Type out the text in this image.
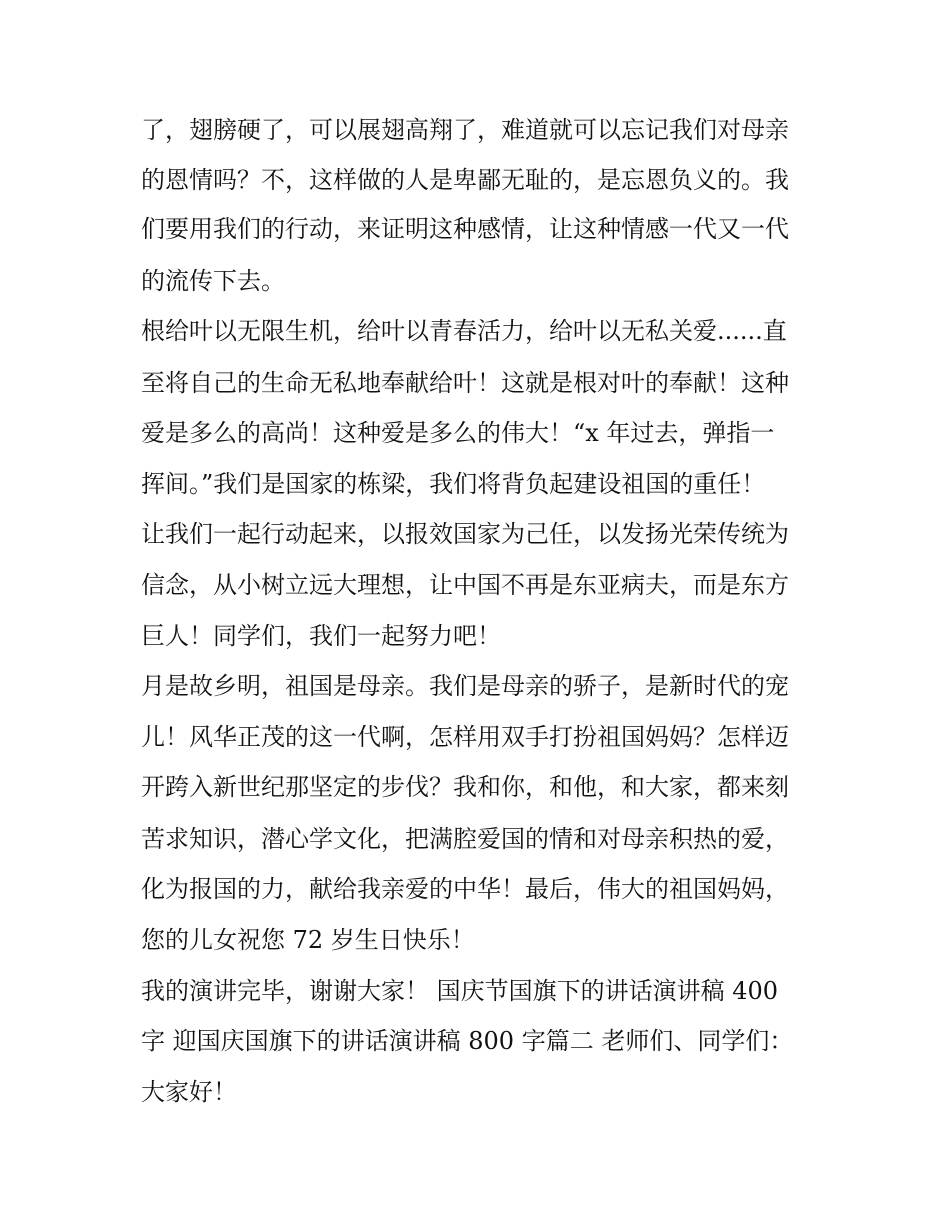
了，翅膀硬了，可以展翅高翔了，难道就可以忘记我们对母亲
的恩情吗？不，这样做的人是卑鄙无耻的，是忘恩负义的。我
们要用我们的行动，来证明这种感情，让这种情感一代又一代
的流传下去。
根给叶以无限生机，给叶以青春活力，给叶以无私关爱......直
至将自己的生命无私地奉献给叶！这就是根对叶的奉献！这种
爱是多么的高尚！这种爱是多么的伟大！“x 年过去，弹指一
挥间。”我们是国家的栋梁，我们将背负起建设祖国的重任！
让我们一起行动起来，以报效国家为己任，以发扬光荣传统为
信念，从小树立远大理想，让中国不再是东亚病夫，而是东方
巨人！同学们，我们一起努力吧！
月是故乡明，祖国是母亲。我们是母亲的骄子，是新时代的宠
儿！风华正茂的这一代啊，怎样用双手打扮祖国妈妈？怎样迈
开跨入新世纪那坚定的步伐？我和你，和他，和大家，都来刻
苦求知识，潜心学文化，把满腔爱国的情和对母亲积热的爱，
化为报国的力，献给我亲爱的中华！最后，伟大的祖国妈妈，
您的儿女祝您 72 岁生日快乐！
我的演讲完毕，谢谢大家！ 国庆节国旗下的讲话演讲稿 400
字 迎国庆国旗下的讲话演讲稿 800 字篇二 老师们、同学们：
大家好！
